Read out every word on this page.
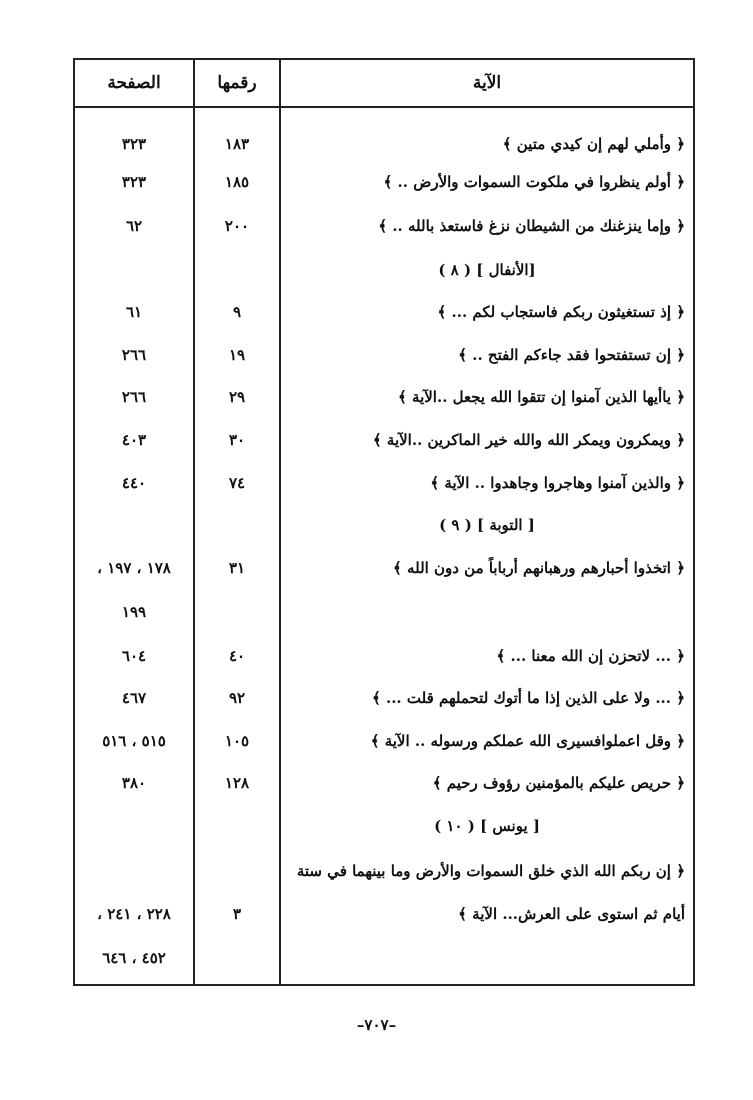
الصفحة	رقمها	الآية
٣٢٣	١٨٣	﴿ وأملي لهم إن كيدي متين ﴾
٣٢٣	١٨٥	﴿ أولم ينظروا في ملكوت السموات والأرض .. ﴾
٦٢	٢٠٠	﴿ وإما ينزغنك من الشيطان نزغ فاستعذ بالله .. ﴾
[الأنفال ] ( ٨ )
٦١	٩	﴿ إذ تستغيثون ربكم فاستجاب لكم ... ﴾
٢٦٦	١٩	﴿ إن تستفتحوا فقد جاءكم الفتح .. ﴾
٢٦٦	٢٩	﴿ ياأيها الذين آمنوا إن تتقوا الله يجعل ..الآية ﴾
٤٠٣	٣٠	﴿ ويمكرون ويمكر الله والله خير الماكرين ..الآية ﴾
٤٤٠	٧٤	﴿ والذين آمنوا وهاجروا وجاهدوا .. الآية ﴾
[ التوبة ] ( ٩ )
١٧٨ ، ١٩٧ ،	٣١	﴿ اتخذوا أحبارهم ورهبانهم أرباباً من دون الله ﴾
١٩٩
٦٠٤	٤٠	﴿ ... لاتحزن إن الله معنا ... ﴾
٤٦٧	٩٢	﴿ ... ولا على الذين إذا ما أتوك لتحملهم قلت ... ﴾
٥١٥ ، ٥١٦	١٠٥	﴿ وقل اعملوافسيرى الله عملكم ورسوله .. الآية ﴾
٣٨٠	١٢٨	﴿ حريص عليكم بالمؤمنين رؤوف رحيم ﴾
[ يونس ] ( ١٠ )
﴿ إن ربكم الله الذي خلق السموات والأرض وما بينهما في ستة
٢٢٨ ، ٢٤١ ،	٣	أيام ثم استوى على العرش... الآية ﴾
٤٥٢ ، ٦٤٦
–٧٠٧–
